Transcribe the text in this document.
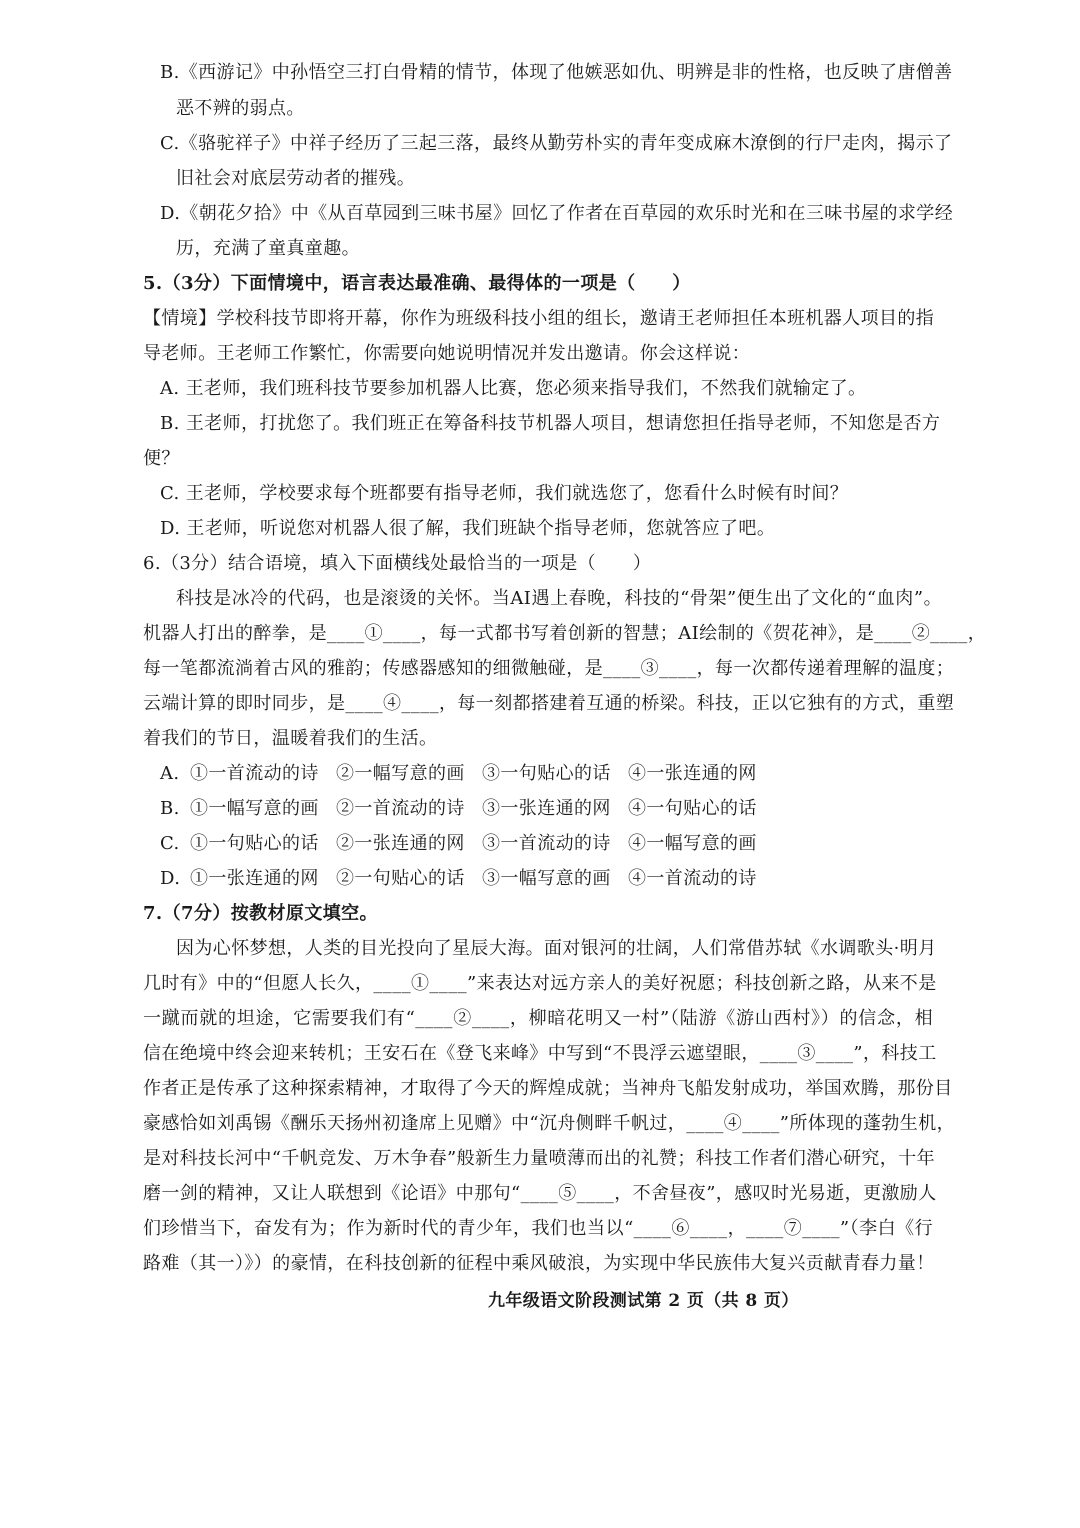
B.《西游记》中孙悟空三打白骨精的情节，体现了他嫉恶如仇、明辨是非的性格，也反映了唐僧善
恶不辨的弱点。
C.《骆驼祥子》中祥子经历了三起三落，最终从勤劳朴实的青年变成麻木潦倒的行尸走肉，揭示了
旧社会对底层劳动者的摧残。
D.《朝花夕拾》中《从百草园到三味书屋》回忆了作者在百草园的欢乐时光和在三味书屋的求学经
历，充满了童真童趣。
5.（3分）下面情境中，语言表达最准确、最得体的一项是（　　）
【情境】学校科技节即将开幕，你作为班级科技小组的组长，邀请王老师担任本班机器人项目的指
导老师。王老师工作繁忙，你需要向她说明情况并发出邀请。你会这样说：
A. 王老师，我们班科技节要参加机器人比赛，您必须来指导我们，不然我们就输定了。
B. 王老师，打扰您了。我们班正在筹备科技节机器人项目，想请您担任指导老师，不知您是否方
便？
C. 王老师，学校要求每个班都要有指导老师，我们就选您了，您看什么时候有时间？
D. 王老师，听说您对机器人很了解，我们班缺个指导老师，您就答应了吧。
6.（3分）结合语境，填入下面横线处最恰当的一项是（　　）
科技是冰冷的代码，也是滚烫的关怀。当AI遇上春晚，科技的“骨架”便生出了文化的“血肉”。
机器人打出的醉拳，是____①____，每一式都书写着创新的智慧；AI绘制的《贺花神》，是____②____，
每一笔都流淌着古风的雅韵；传感器感知的细微触碰，是____③____，每一次都传递着理解的温度；
云端计算的即时同步，是____④____，每一刻都搭建着互通的桥梁。科技，正以它独有的方式，重塑
着我们的节日，温暖着我们的生活。
A. ①一首流动的诗 ②一幅写意的画 ③一句贴心的话 ④一张连通的网
B. ①一幅写意的画 ②一首流动的诗 ③一张连通的网 ④一句贴心的话
C. ①一句贴心的话 ②一张连通的网 ③一首流动的诗 ④一幅写意的画
D. ①一张连通的网 ②一句贴心的话 ③一幅写意的画 ④一首流动的诗
7.（7分）按教材原文填空。
因为心怀梦想，人类的目光投向了星辰大海。面对银河的壮阔，人们常借苏轼《水调歌头·明月
几时有》中的“但愿人长久，____①____”来表达对远方亲人的美好祝愿；科技创新之路，从来不是
一蹴而就的坦途，它需要我们有“____②____，柳暗花明又一村”（陆游《游山西村》）的信念，相
信在绝境中终会迎来转机；王安石在《登飞来峰》中写到“不畏浮云遮望眼，____③____”，科技工
作者正是传承了这种探索精神，才取得了今天的辉煌成就；当神舟飞船发射成功，举国欢腾，那份目
豪感恰如刘禹锡《酬乐天扬州初逢席上见赠》中“沉舟侧畔千帆过，____④____”所体现的蓬勃生机，
是对科技长河中“千帆竞发、万木争春”般新生力量喷薄而出的礼赞；科技工作者们潜心研究，十年
磨一剑的精神，又让人联想到《论语》中那句“____⑤____，不舍昼夜”，感叹时光易逝，更激励人
们珍惜当下，奋发有为；作为新时代的青少年，我们也当以“____⑥____，____⑦____”（李白《行
路难（其一）》）的豪情，在科技创新的征程中乘风破浪，为实现中华民族伟大复兴贡献青春力量！
九年级语文阶段测试第 2 页（共 8 页）
